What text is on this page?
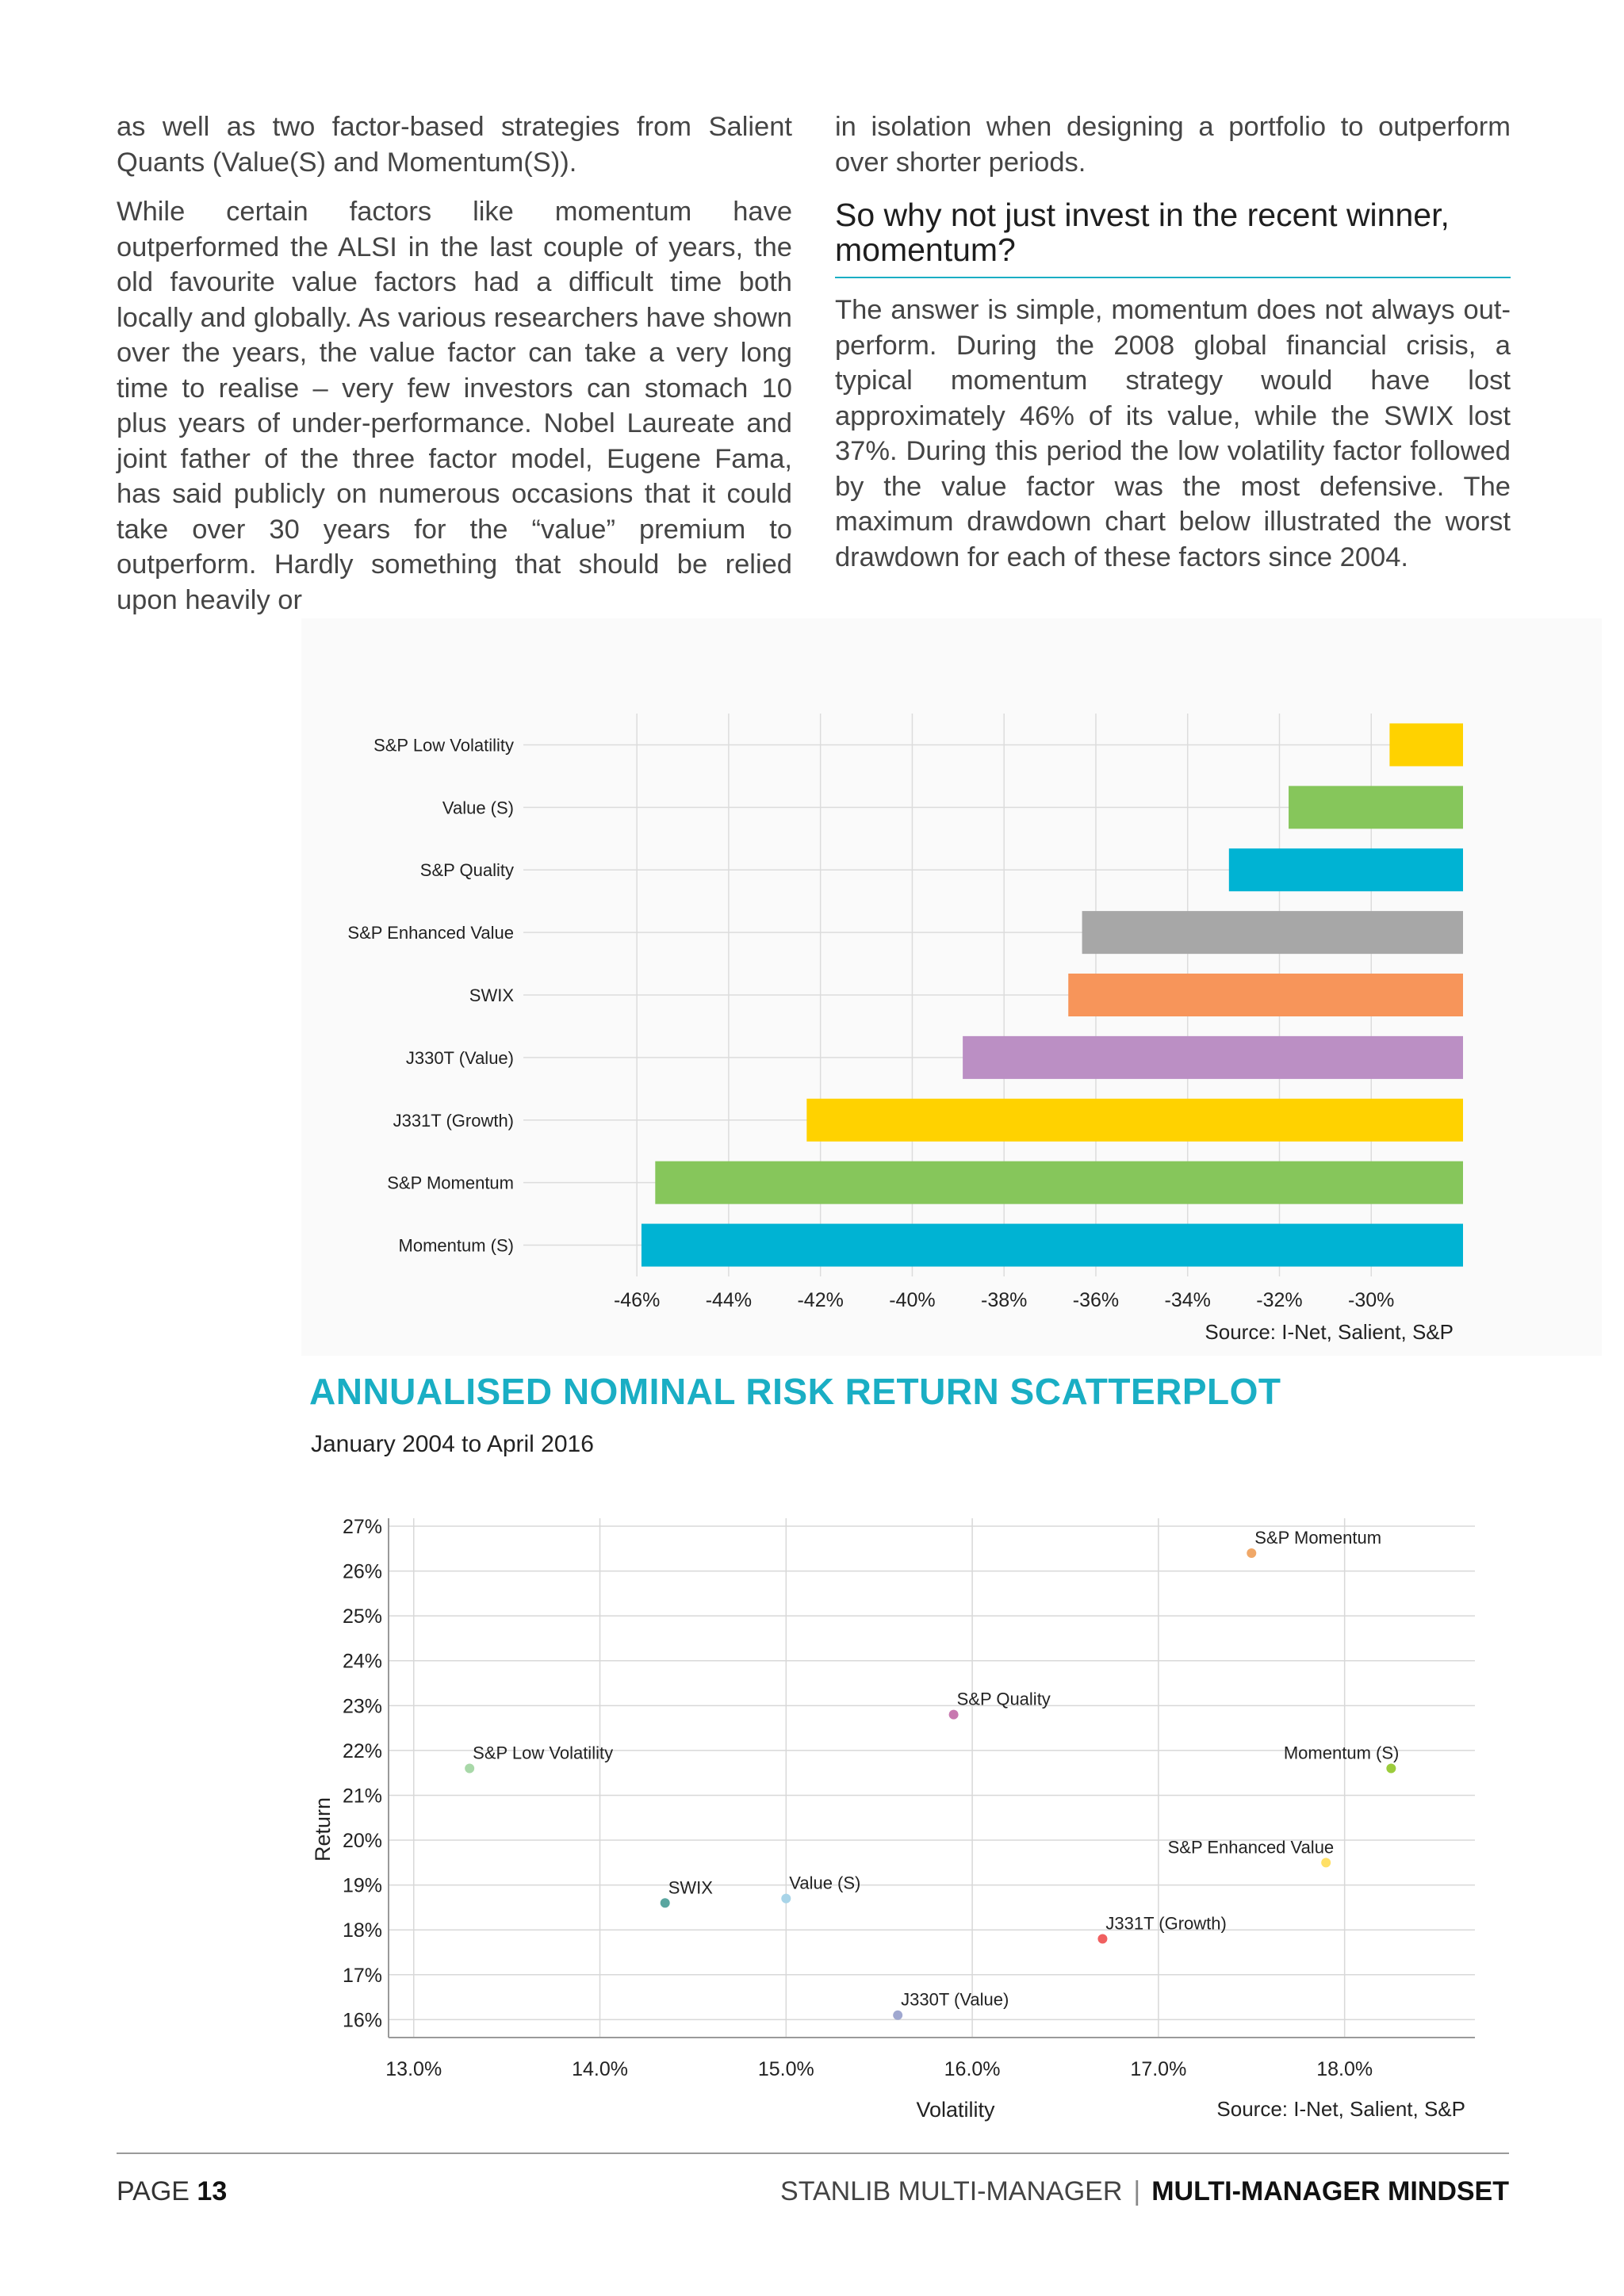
as well as two factor-based strategies from Salient Quants (Value(S) and Momentum(S)).

While certain factors like momentum have outperformed the ALSI in the last couple of years, the old favourite value factors had a difficult time both locally and globally. As various researchers have shown over the years, the value factor can take a very long time to realise – very few investors can stomach 10 plus years of under-performance. Nobel Laureate and joint father of the three factor model, Eugene Fama, has said publicly on numerous occasions that it could take over 30 years for the “value” premium to outperform. Hardly something that should be relied upon heavily or

in isolation when designing a portfolio to outperform over shorter periods.

So why not just invest in the recent winner, momentum?

The answer is simple, momentum does not always out-perform. During the 2008 global financial crisis, a typical momentum strategy would have lost approximately 46% of its value, while the SWIX lost 37%. During this period the low volatility factor followed by the value factor was the most defensive. The maximum drawdown chart below illustrated the worst drawdown for each of these factors since 2004.

S&P Low Volatility
Value (S)
S&P Quality
S&P Enhanced Value
SWIX
J330T (Value)
J331T (Growth)
S&P Momentum
Momentum (S)
-46% -44% -42% -40% -38% -36% -34% -32% -30%
Source: I-Net, Salient, S&P
ANNUALISED NOMINAL RISK RETURN SCATTERPLOT
January 2004 to April 2016
16%
17%
18%
19%
20%
21%
22%
23%
24%
25%
26%
27%
13.0%	14.0%	15.0%	16.0%	17.0%	18.0%
Volatility
Return
S&P Momentum
S&P Quality
Momentum (S)
S&P Low Volatility
S&P Enhanced Value
SWIX	Value (S)
J331T (Growth)
J330T (Value)
Source: I-Net, Salient, S&P
PAGE 13	STANLIB MULTI-MANAGER | MULTI-MANAGER MINDSET
